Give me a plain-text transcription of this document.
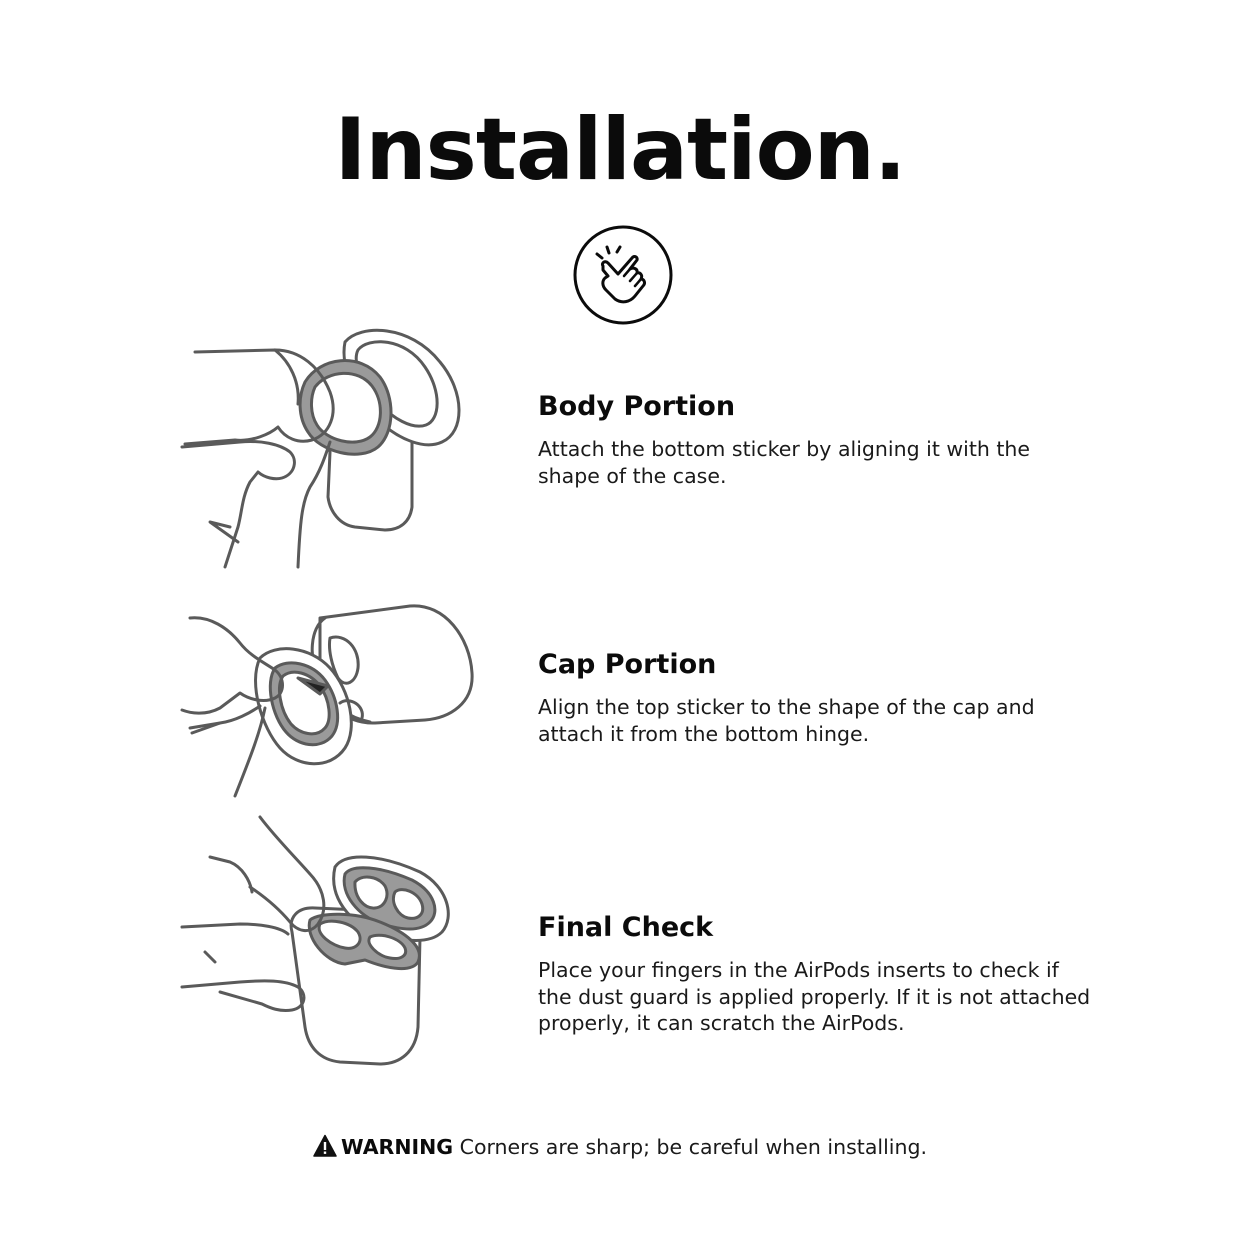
Installation.
Body Portion

Attach the bottom sticker by aligning it with the
shape of the case.

Cap Portion

Align the top sticker to the shape of the cap and
attach it from the bottom hinge.

Final Check

Place your fingers in the AirPods inserts to check if
the dust guard is applied properly. If it is not attached
properly, it can scratch the AirPods.

WARNING Corners are sharp; be careful when installing.
